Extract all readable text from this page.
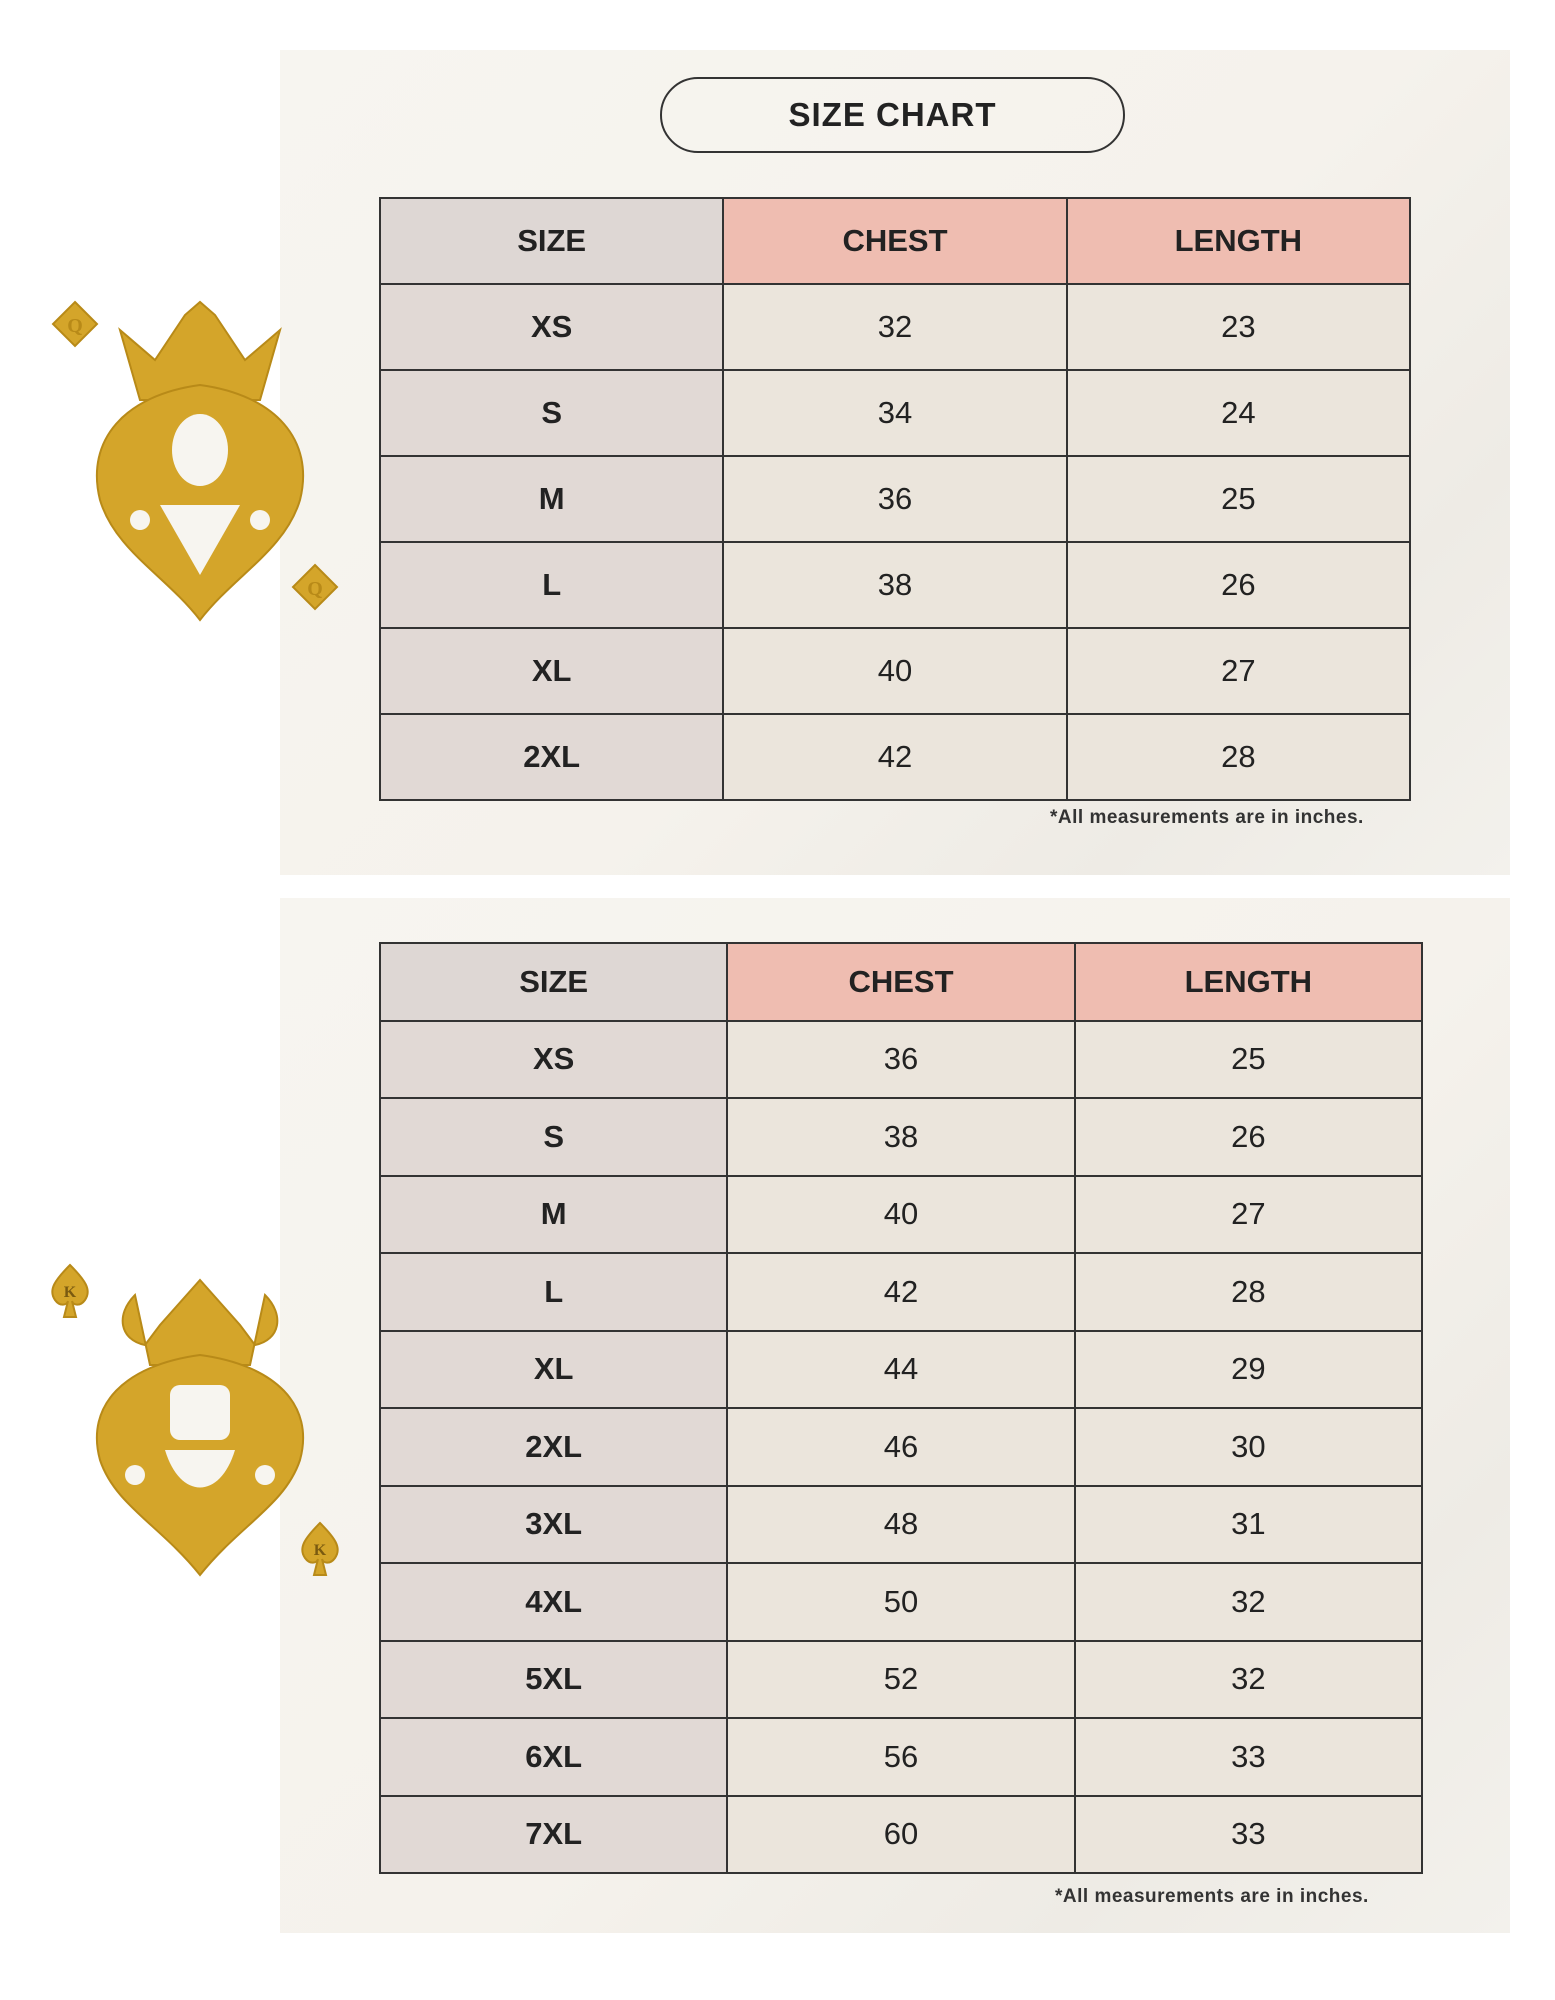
SIZE CHART
SIZE	CHEST	LENGTH
XS	32	23
S	34	24
M	36	25
L	38	26
XL	40	27
2XL	42	28
*All measurements are in inches.
SIZE	CHEST	LENGTH
XS	36	25
S	38	26
M	40	27
L	42	28
XL	44	29
2XL	46	30
3XL	48	31
4XL	50	32
5XL	52	32
6XL	56	33
7XL	60	33
*All measurements are in inches.
Q
Q
K
K
